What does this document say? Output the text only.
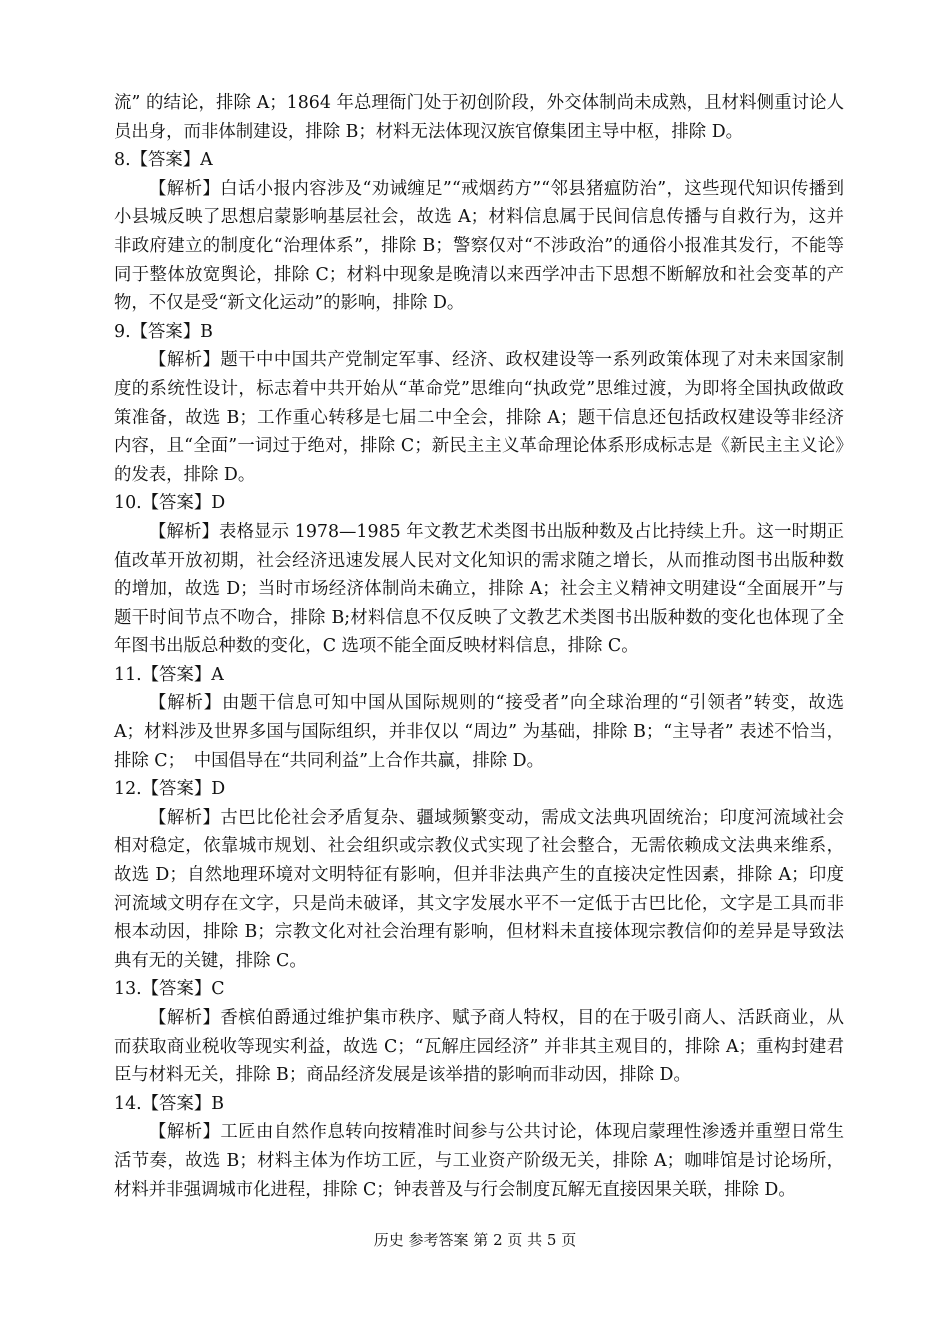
流” 的结论，排除 A；1864 年总理衙门处于初创阶段，外交体制尚未成熟，且材料侧重讨论人员出身，而非体制建设，排除 B；材料无法体现汉族官僚集团主导中枢，排除 D。

8.【答案】A

【解析】白话小报内容涉及“劝诫缠足”“戒烟药方”“邻县猪瘟防治”，这些现代知识传播到小县城反映了思想启蒙影响基层社会，故选 A；材料信息属于民间信息传播与自救行为，这并非政府建立的制度化“治理体系”，排除 B；警察仅对“不涉政治”的通俗小报准其发行，不能等同于整体放宽舆论，排除 C；材料中现象是晚清以来西学冲击下思想不断解放和社会变革的产物，不仅是受“新文化运动”的影响，排除 D。

9.【答案】B

【解析】题干中中国共产党制定军事、经济、政权建设等一系列政策体现了对未来国家制度的系统性设计，标志着中共开始从“革命党”思维向“执政党”思维过渡，为即将全国执政做政策准备，故选 B；工作重心转移是七届二中全会，排除 A；题干信息还包括政权建设等非经济内容，且“全面”一词过于绝对，排除 C；新民主主义革命理论体系形成标志是《新民主主义论》的发表，排除 D。

10.【答案】D

【解析】表格显示 1978—1985 年文教艺术类图书出版种数及占比持续上升。这一时期正值改革开放初期，社会经济迅速发展人民对文化知识的需求随之增长，从而推动图书出版种数的增加，故选 D；当时市场经济体制尚未确立，排除 A；社会主义精神文明建设“全面展开”与题干时间节点不吻合，排除 B;材料信息不仅反映了文教艺术类图书出版种数的变化也体现了全年图书出版总种数的变化，C 选项不能全面反映材料信息，排除 C。

11.【答案】A

【解析】由题干信息可知中国从国际规则的“接受者”向全球治理的“引领者”转变，故选 A；材料涉及世界多国与国际组织，并非仅以 “周边” 为基础，排除 B；“主导者” 表述不恰当，排除 C；　中国倡导在“共同利益”上合作共赢，排除 D。

12.【答案】D

【解析】古巴比伦社会矛盾复杂、疆域频繁变动，需成文法典巩固统治；印度河流域社会相对稳定，依靠城市规划、社会组织或宗教仪式实现了社会整合，无需依赖成文法典来维系，故选 D；自然地理环境对文明特征有影响，但并非法典产生的直接决定性因素，排除 A；印度河流域文明存在文字，只是尚未破译，其文字发展水平不一定低于古巴比伦，文字是工具而非根本动因，排除 B；宗教文化对社会治理有影响，但材料未直接体现宗教信仰的差异是导致法典有无的关键，排除 C。

13.【答案】C

【解析】香槟伯爵通过维护集市秩序、赋予商人特权，目的在于吸引商人、活跃商业，从而获取商业税收等现实利益，故选 C；“瓦解庄园经济” 并非其主观目的，排除 A；重构封建君臣与材料无关，排除 B；商品经济发展是该举措的影响而非动因，排除 D。

14.【答案】B

【解析】工匠由自然作息转向按精准时间参与公共讨论，体现启蒙理性渗透并重塑日常生活节奏，故选 B；材料主体为作坊工匠，与工业资产阶级无关，排除 A；咖啡馆是讨论场所，材料并非强调城市化进程，排除 C；钟表普及与行会制度瓦解无直接因果关联，排除 D。

历史 参考答案 第 2 页 共 5 页
